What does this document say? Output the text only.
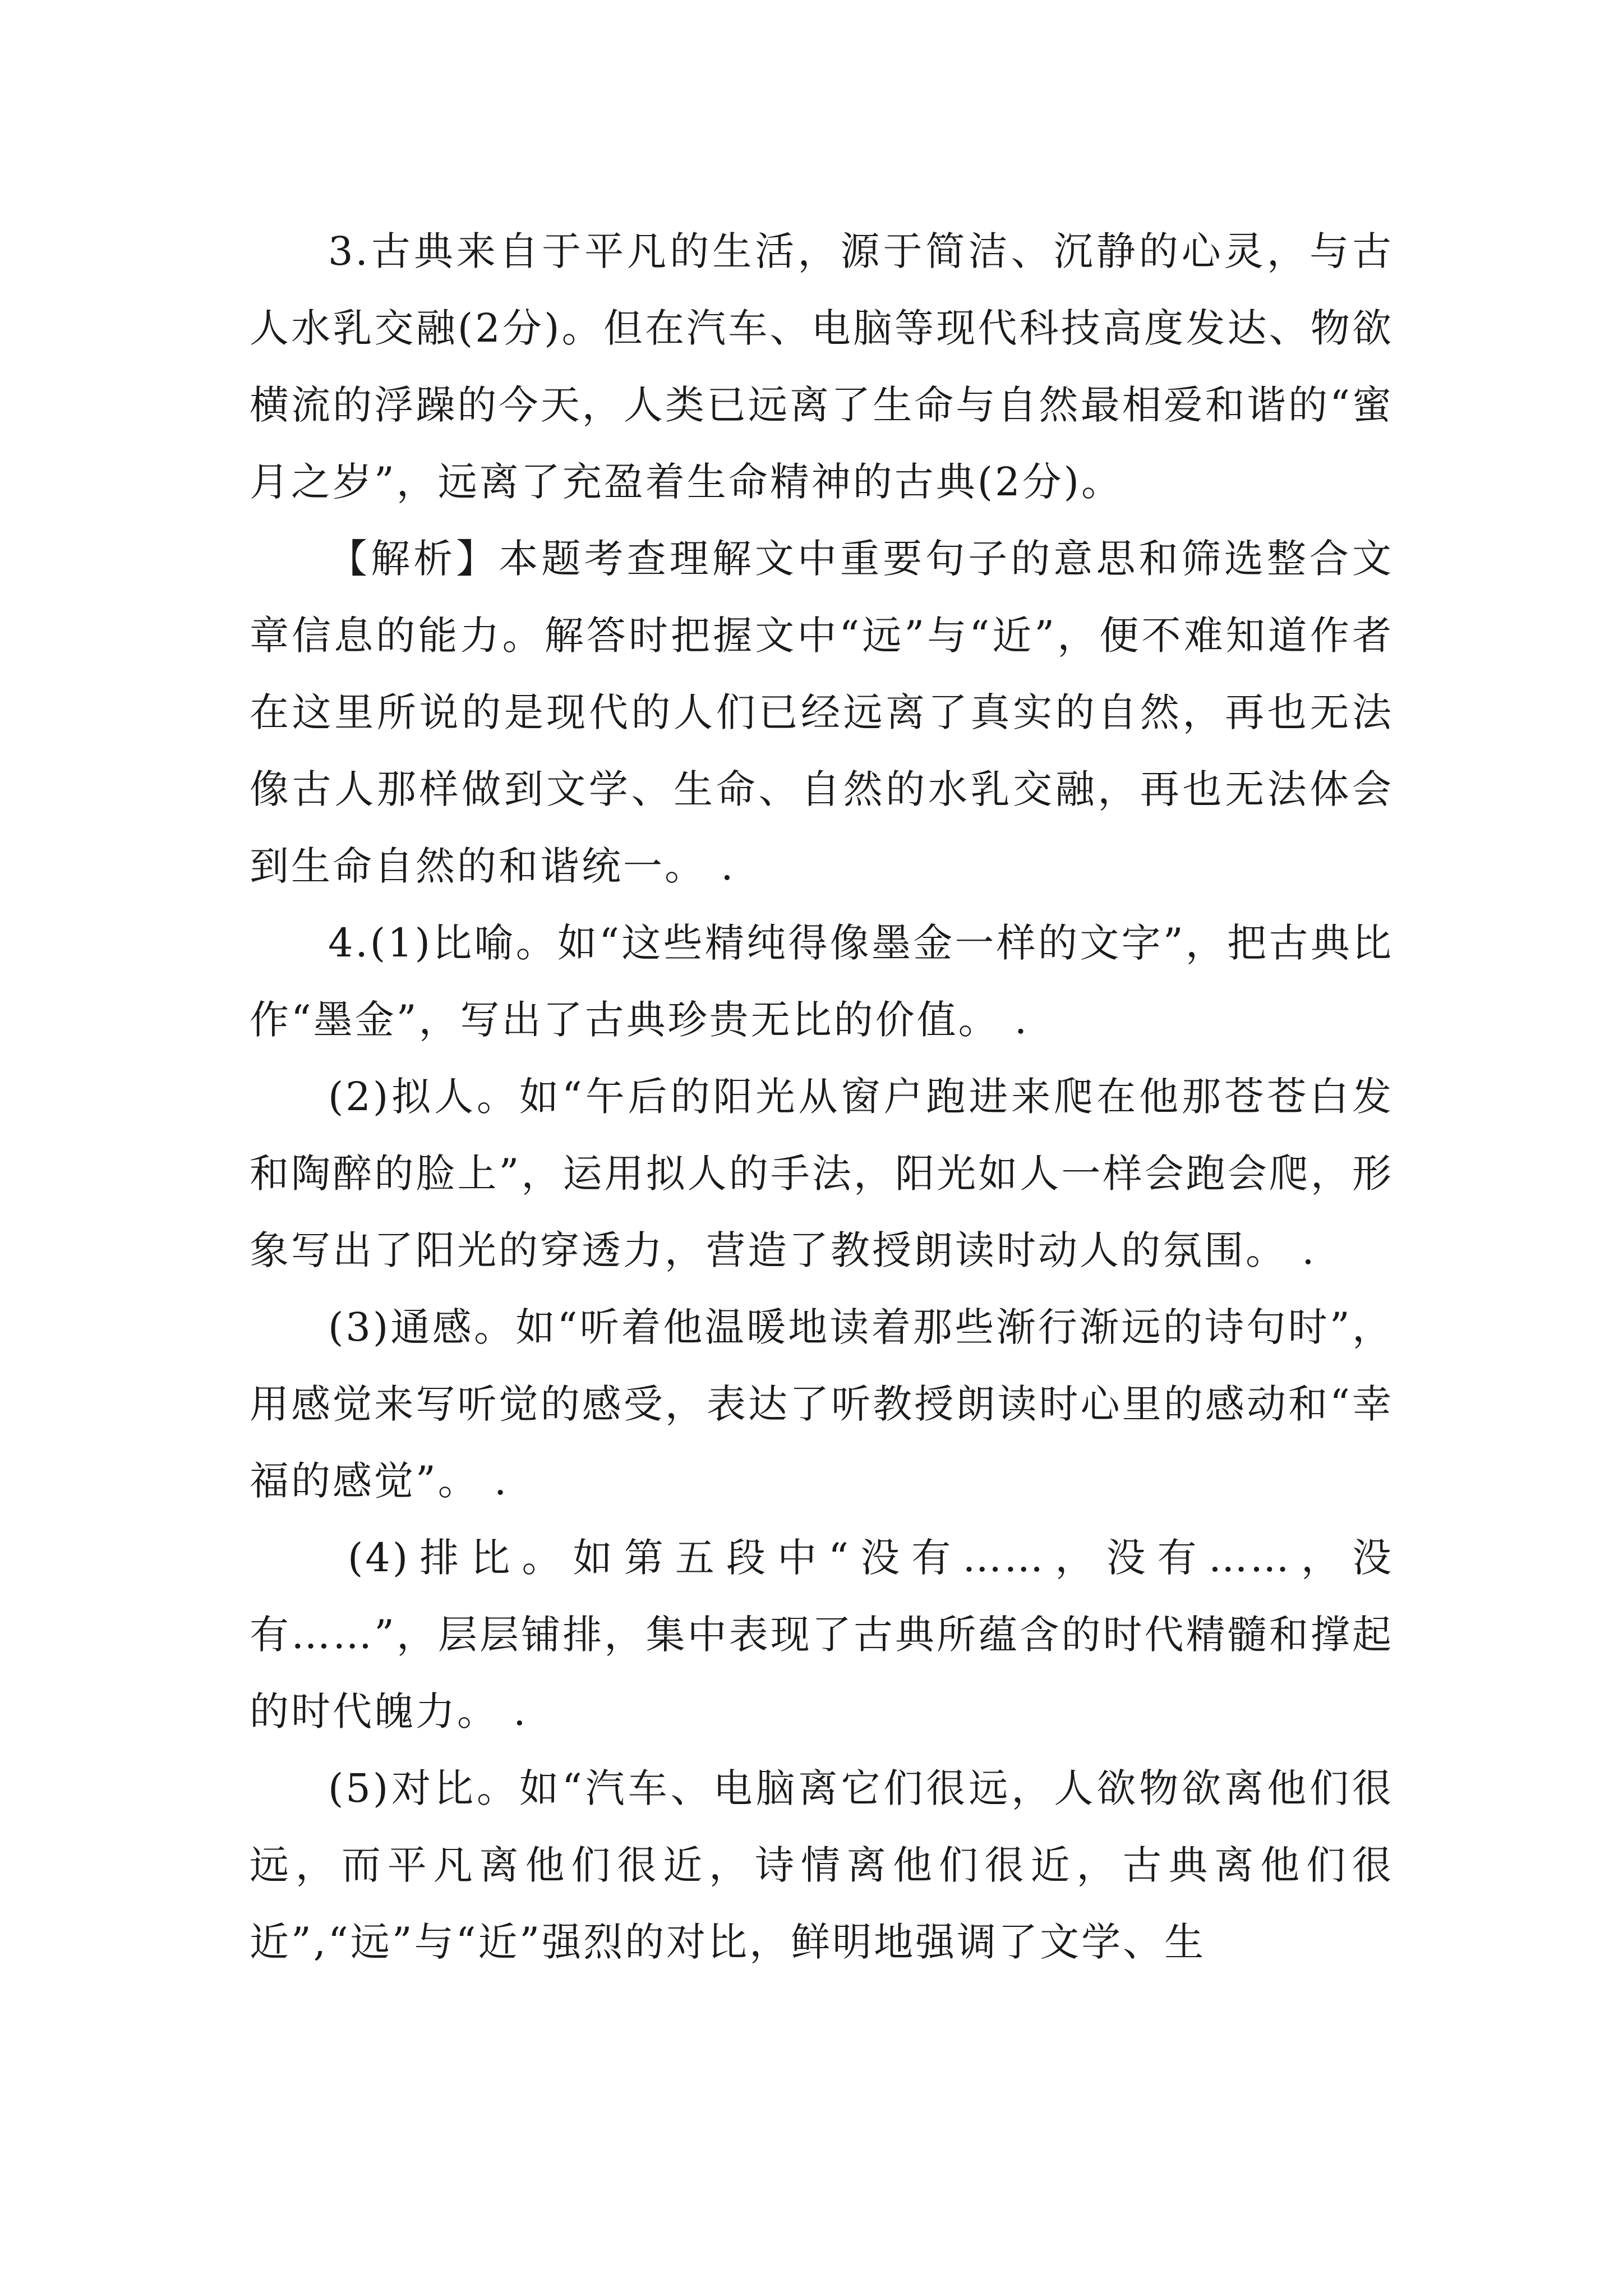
3.古典来自于平凡的生活，源于简洁、沉静的心灵，与古人水乳交融(2分)。但在汽车、电脑等现代科技高度发达、物欲横流的浮躁的今天，人类已远离了生命与自然最相爱和谐的“蜜月之岁”，远离了充盈着生命精神的古典(2分)。

【解析】本题考查理解文中重要句子的意思和筛选整合文章信息的能力。解答时把握文中“远”与“近”，便不难知道作者在这里所说的是现代的人们已经远离了真实的自然，再也无法像古人那样做到文学、生命、自然的水乳交融，再也无法体会到生命自然的和谐统一。 .

4.(1)比喻。如“这些精纯得像墨金一样的文字”，把古典比作“墨金”，写出了古典珍贵无比的价值。 .

(2)拟人。如“午后的阳光从窗户跑进来爬在他那苍苍白发和陶醉的脸上”，运用拟人的手法，阳光如人一样会跑会爬，形象写出了阳光的穿透力，营造了教授朗读时动人的氛围。 .

(3)通感。如“听着他温暖地读着那些渐行渐远的诗句时”，用感觉来写听觉的感受，表达了听教授朗读时心里的感动和“幸福的感觉”。 .

(4)排比。如第五段中“没有……，没有……，没有……”，层层铺排，集中表现了古典所蕴含的时代精髓和撑起的时代魄力。 .

(5)对比。如“汽车、电脑离它们很远，人欲物欲离他们很远，而平凡离他们很近，诗情离他们很近，古典离他们很近”,“远”与“近”强烈的对比，鲜明地强调了文学、生
